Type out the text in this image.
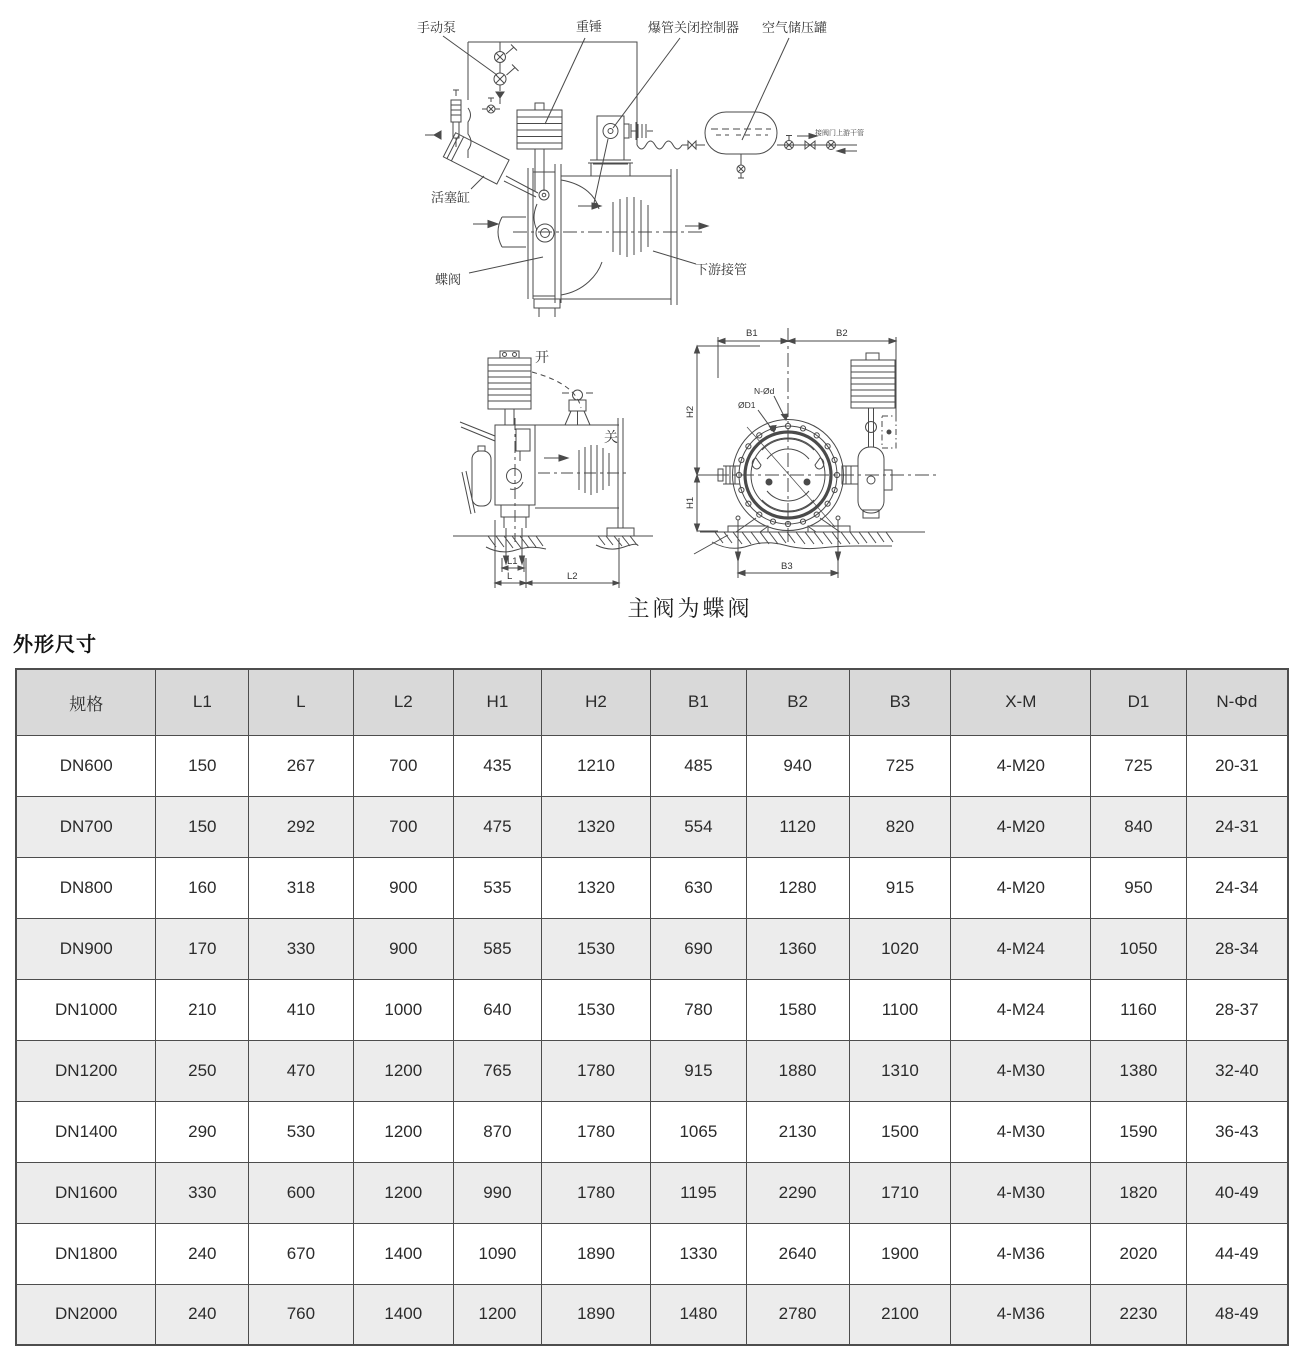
手动泵	重锤	爆管关闭控制器 空气储压罐
活塞缸
蝶阀
下游接管
接阀门上游干管
开
关
L1
L	L2
B1	B2
H2
H1
N-Ød
ØD1
B3
主阀为蝶阀
外形尺寸
规格	L1	L	L2	H1	H2	B1	B2	B3	X-M	D1	N-Φd
DN600	150	267	700	435	1210	485	940	725	4-M20	725	20-31
DN700	150	292	700	475	1320	554	1120	820	4-M20	840	24-31
DN800	160	318	900	535	1320	630	1280	915	4-M20	950	24-34
DN900	170	330	900	585	1530	690	1360	1020	4-M24	1050	28-34
DN1000	210	410	1000	640	1530	780	1580	1100	4-M24	1160	28-37
DN1200	250	470	1200	765	1780	915	1880	1310	4-M30	1380	32-40
DN1400	290	530	1200	870	1780	1065	2130	1500	4-M30	1590	36-43
DN1600	330	600	1200	990	1780	1195	2290	1710	4-M30	1820	40-49
DN1800	240	670	1400	1090	1890	1330	2640	1900	4-M36	2020	44-49
DN2000	240	760	1400	1200	1890	1480	2780	2100	4-M36	2230	48-49
